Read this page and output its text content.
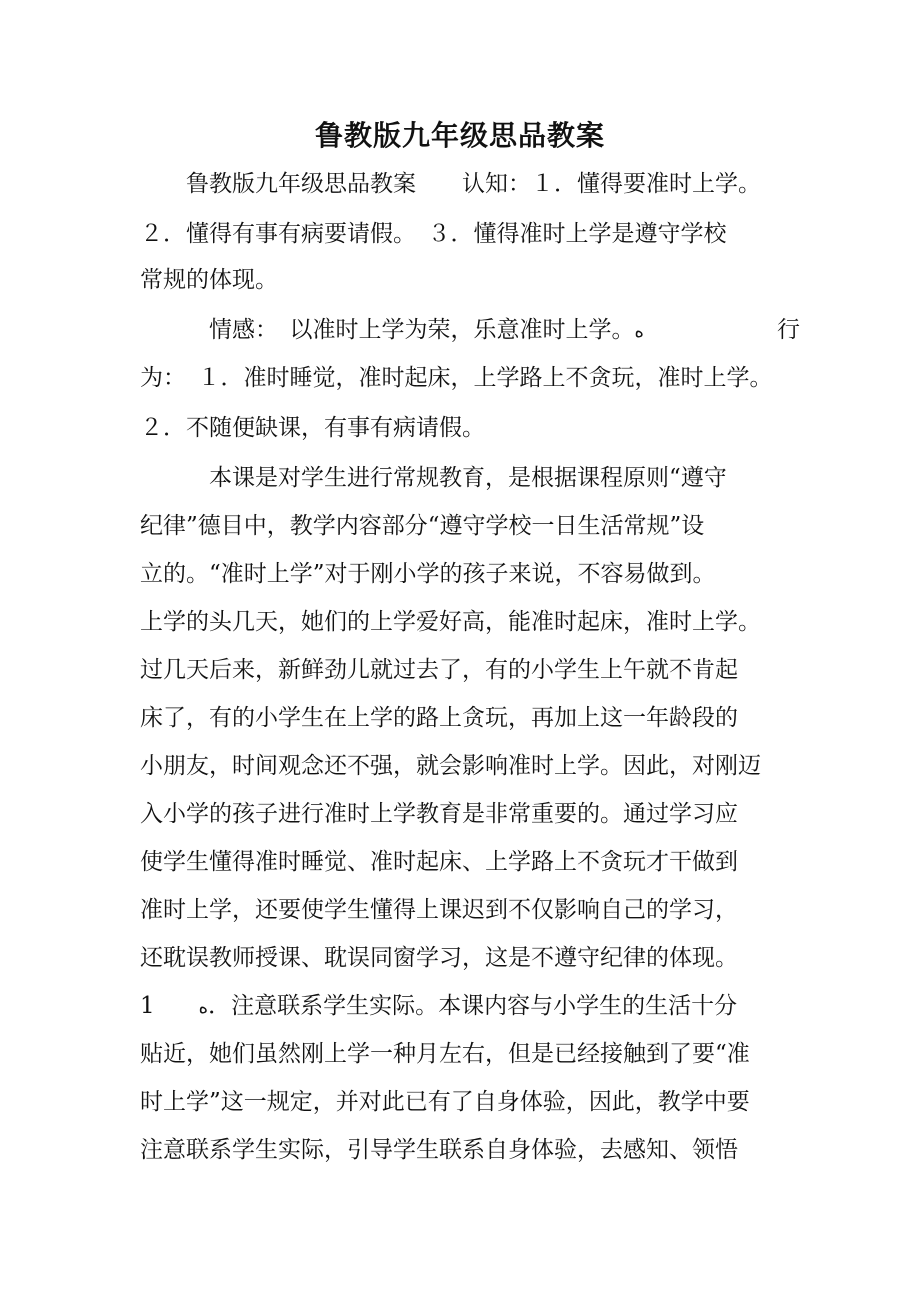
鲁教版九年级思品教案
　　鲁教版九年级思品教案　　认知：１．懂得要准时上学。
２．懂得有事有病要请假。　３．懂得准时上学是遵守学校
常规的体现。
　　　情感：　以准时上学为荣，乐意准时上学。ﻩ	行
为：　１．准时睡觉，准时起床，上学路上不贪玩，准时上学。
２．不随便缺课，有事有病请假。
　　　本课是对学生进行常规教育，是根据课程原则“遵守
纪律”德目中，教学内容部分“遵守学校一日生活常规”设
立的。“准时上学”对于刚小学的孩子来说，不容易做到。
上学的头几天，她们的上学爱好高，能准时起床，准时上学。
过几天后来，新鲜劲儿就过去了，有的小学生上午就不肯起
床了，有的小学生在上学的路上贪玩，再加上这一年龄段的
小朋友，时间观念还不强，就会影响准时上学。因此，对刚迈
入小学的孩子进行准时上学教育是非常重要的。通过学习应
使学生懂得准时睡觉、准时起床、上学路上不贪玩才干做到
准时上学，还要使学生懂得上课迟到不仅影响自己的学习，
还耽误教师授课、耽误同窗学习，这是不遵守纪律的体现。
1 ﻩ．注意联系学生实际。本课内容与小学生的生活十分
贴近，她们虽然刚上学一种月左右，但是已经接触到了要“准
时上学”这一规定，并对此已有了自身体验，因此，教学中要
注意联系学生实际，引导学生联系自身体验，去感知、领悟
